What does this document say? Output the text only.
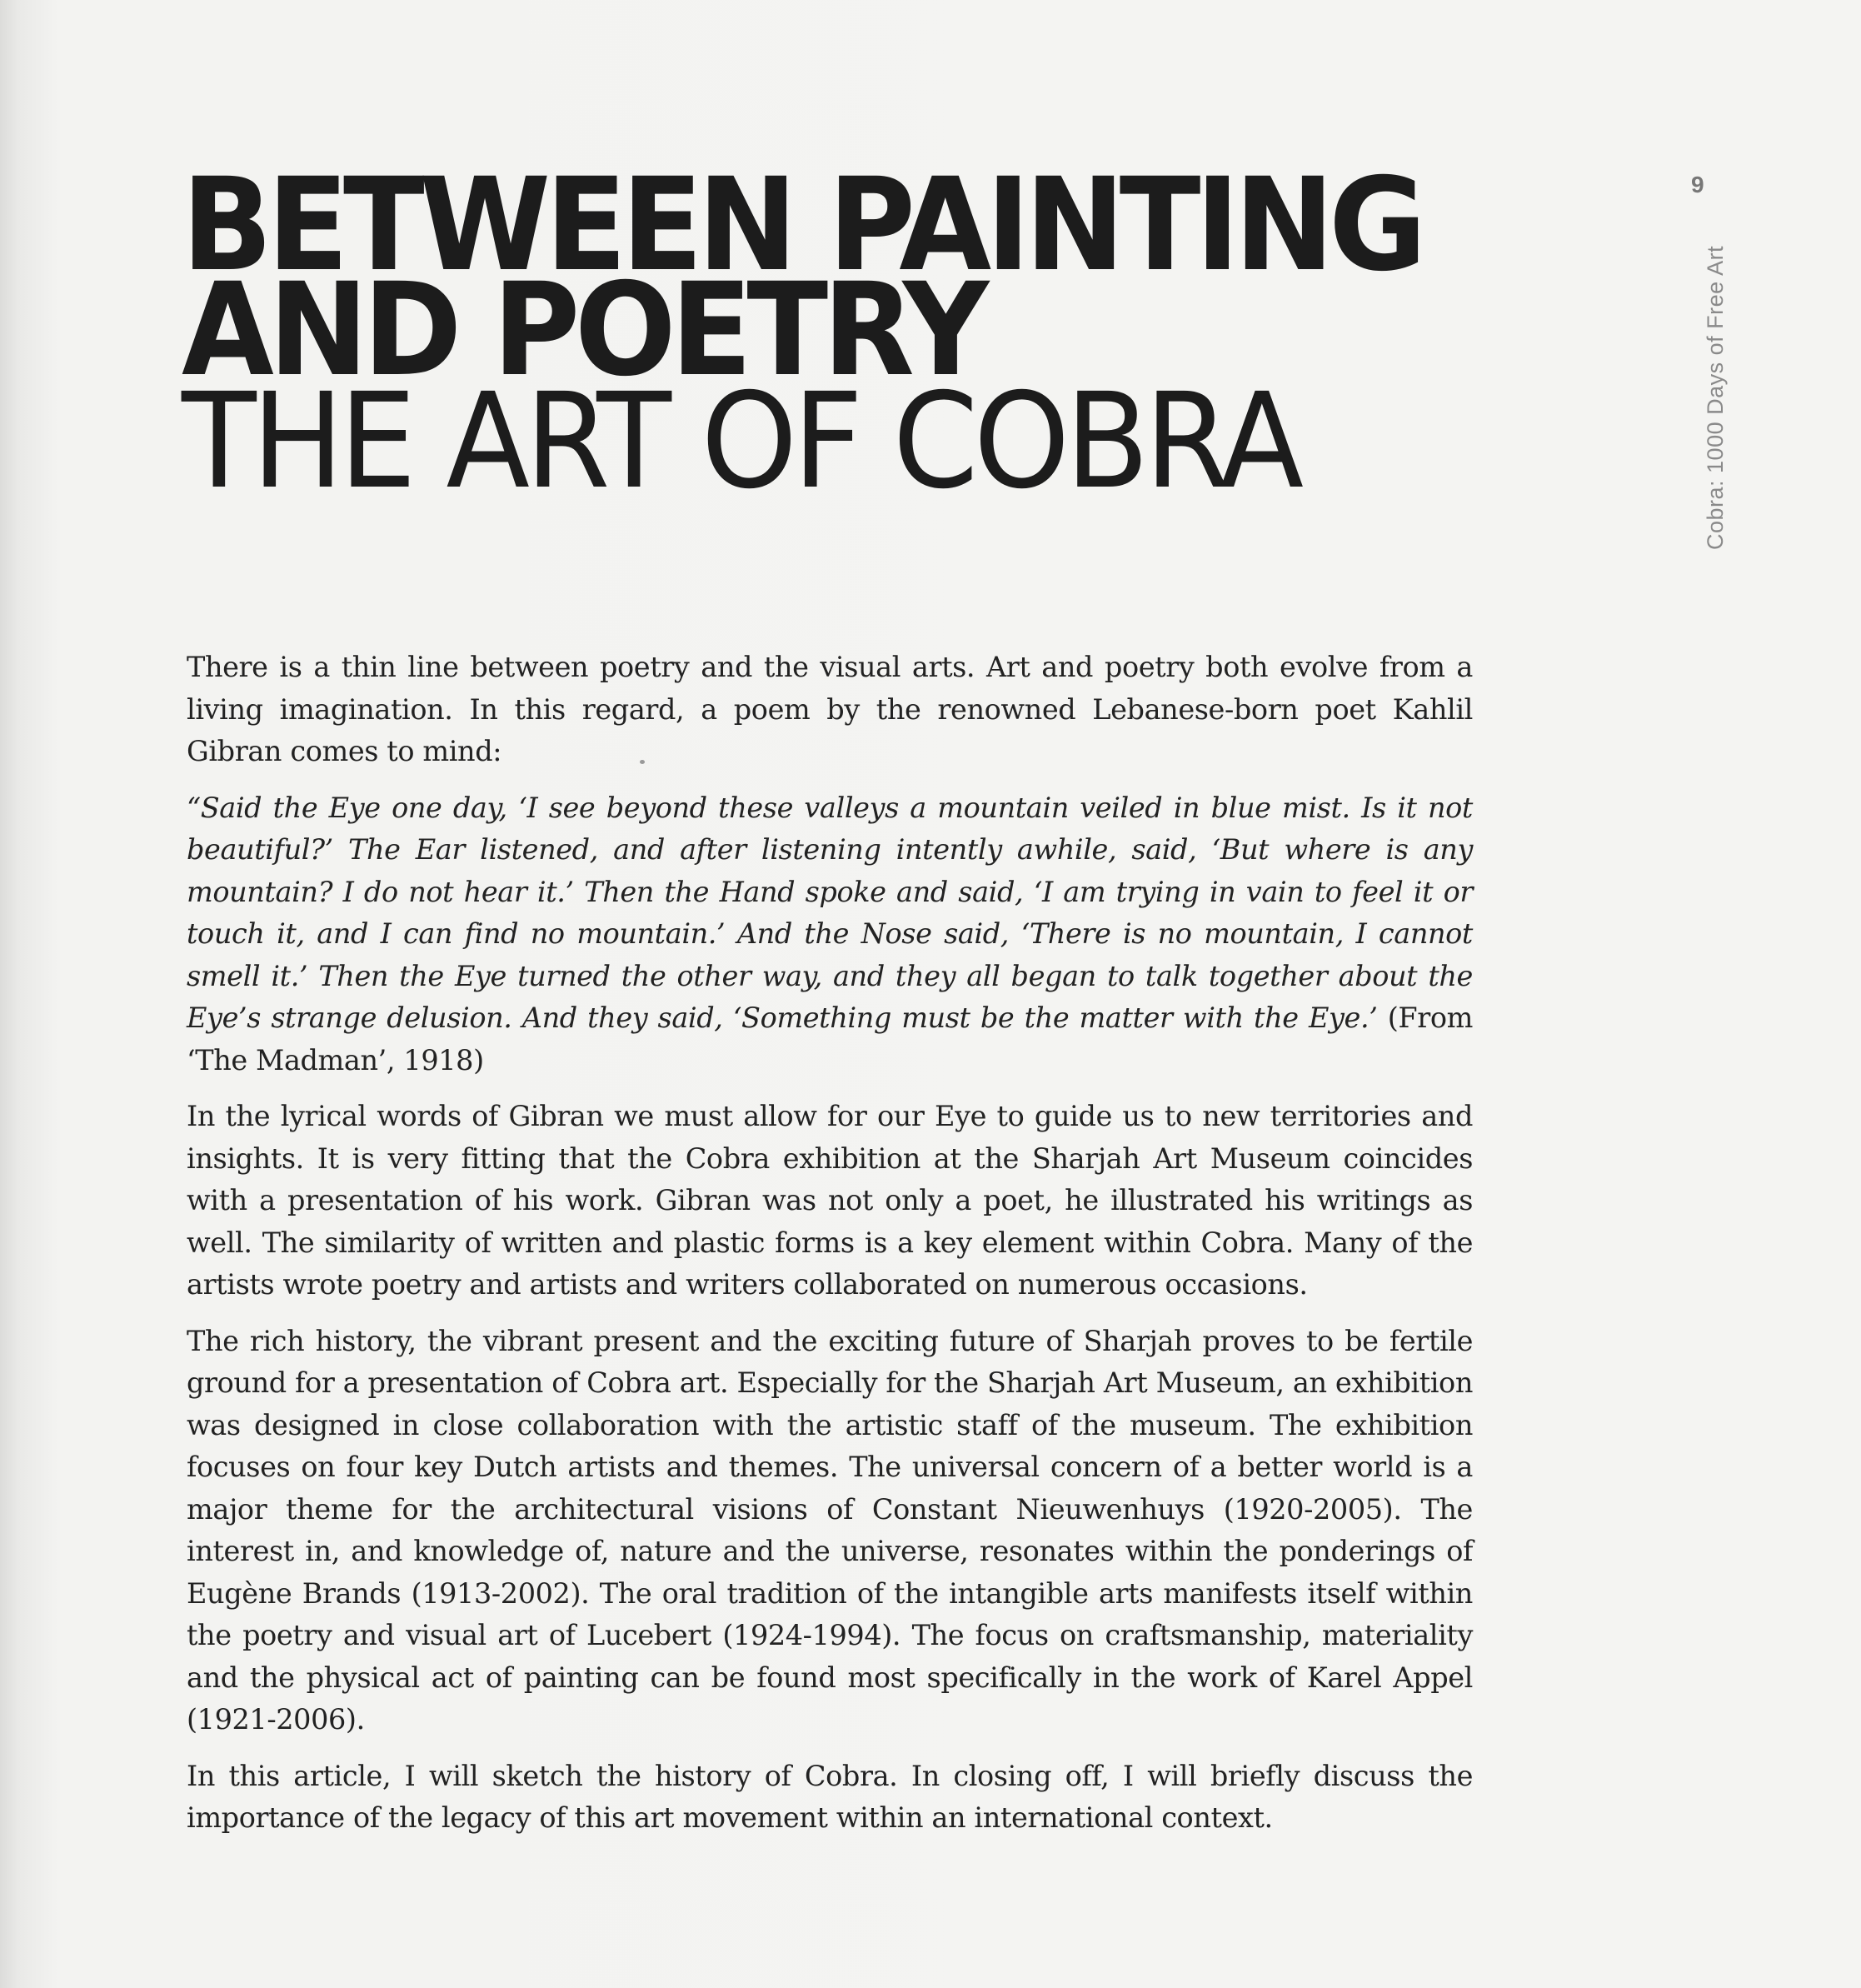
9
Cobra: 1000 Days of Free Art
BETWEEN PAINTING
AND POETRY
THE ART OF COBRA

There is a thin line between poetry and the visual arts. Art and poetry both evolve from a living imagination. In this regard, a poem by the renowned Lebanese-born poet Kahlil Gibran comes to mind:

“Said the Eye one day, ‘I see beyond these valleys a mountain veiled in blue mist. Is it not beautiful?’ The Ear listened, and after listening intently awhile, said, ‘But where is any mountain? I do not hear it.’ Then the Hand spoke and said, ‘I am trying in vain to feel it or touch it, and I can find no mountain.’ And the Nose said, ‘There is no mountain, I cannot smell it.’ Then the Eye turned the other way, and they all began to talk together about the Eye’s strange delusion. And they said, ‘Something must be the matter with the Eye.’ (From ‘The Madman’, 1918)

In the lyrical words of Gibran we must allow for our Eye to guide us to new territories and insights. It is very fitting that the Cobra exhibition at the Sharjah Art Museum coincides with a presentation of his work. Gibran was not only a poet, he illustrated his writings as well. The similarity of written and plastic forms is a key element within Cobra. Many of the artists wrote poetry and artists and writers collaborated on numerous occasions.

The rich history, the vibrant present and the exciting future of Sharjah proves to be fertile ground for a presentation of Cobra art. Especially for the Sharjah Art Museum, an exhibition was designed in close collaboration with the artistic staff of the museum. The exhibition focuses on four key Dutch artists and themes. The universal concern of a better world is a major theme for the architectural visions of Constant Nieuwenhuys (1920-2005). The interest in, and knowledge of, nature and the universe, resonates within the ponderings of Eugène Brands (1913-2002). The oral tradition of the intangible arts manifests itself within the poetry and visual art of Lucebert (1924-1994). The focus on craftsmanship, materiality and the physical act of painting can be found most specifically in the work of Karel Appel (1921-2006).

In this article, I will sketch the history of Cobra. In closing off, I will briefly discuss the importance of the legacy of this art movement within an international context.
